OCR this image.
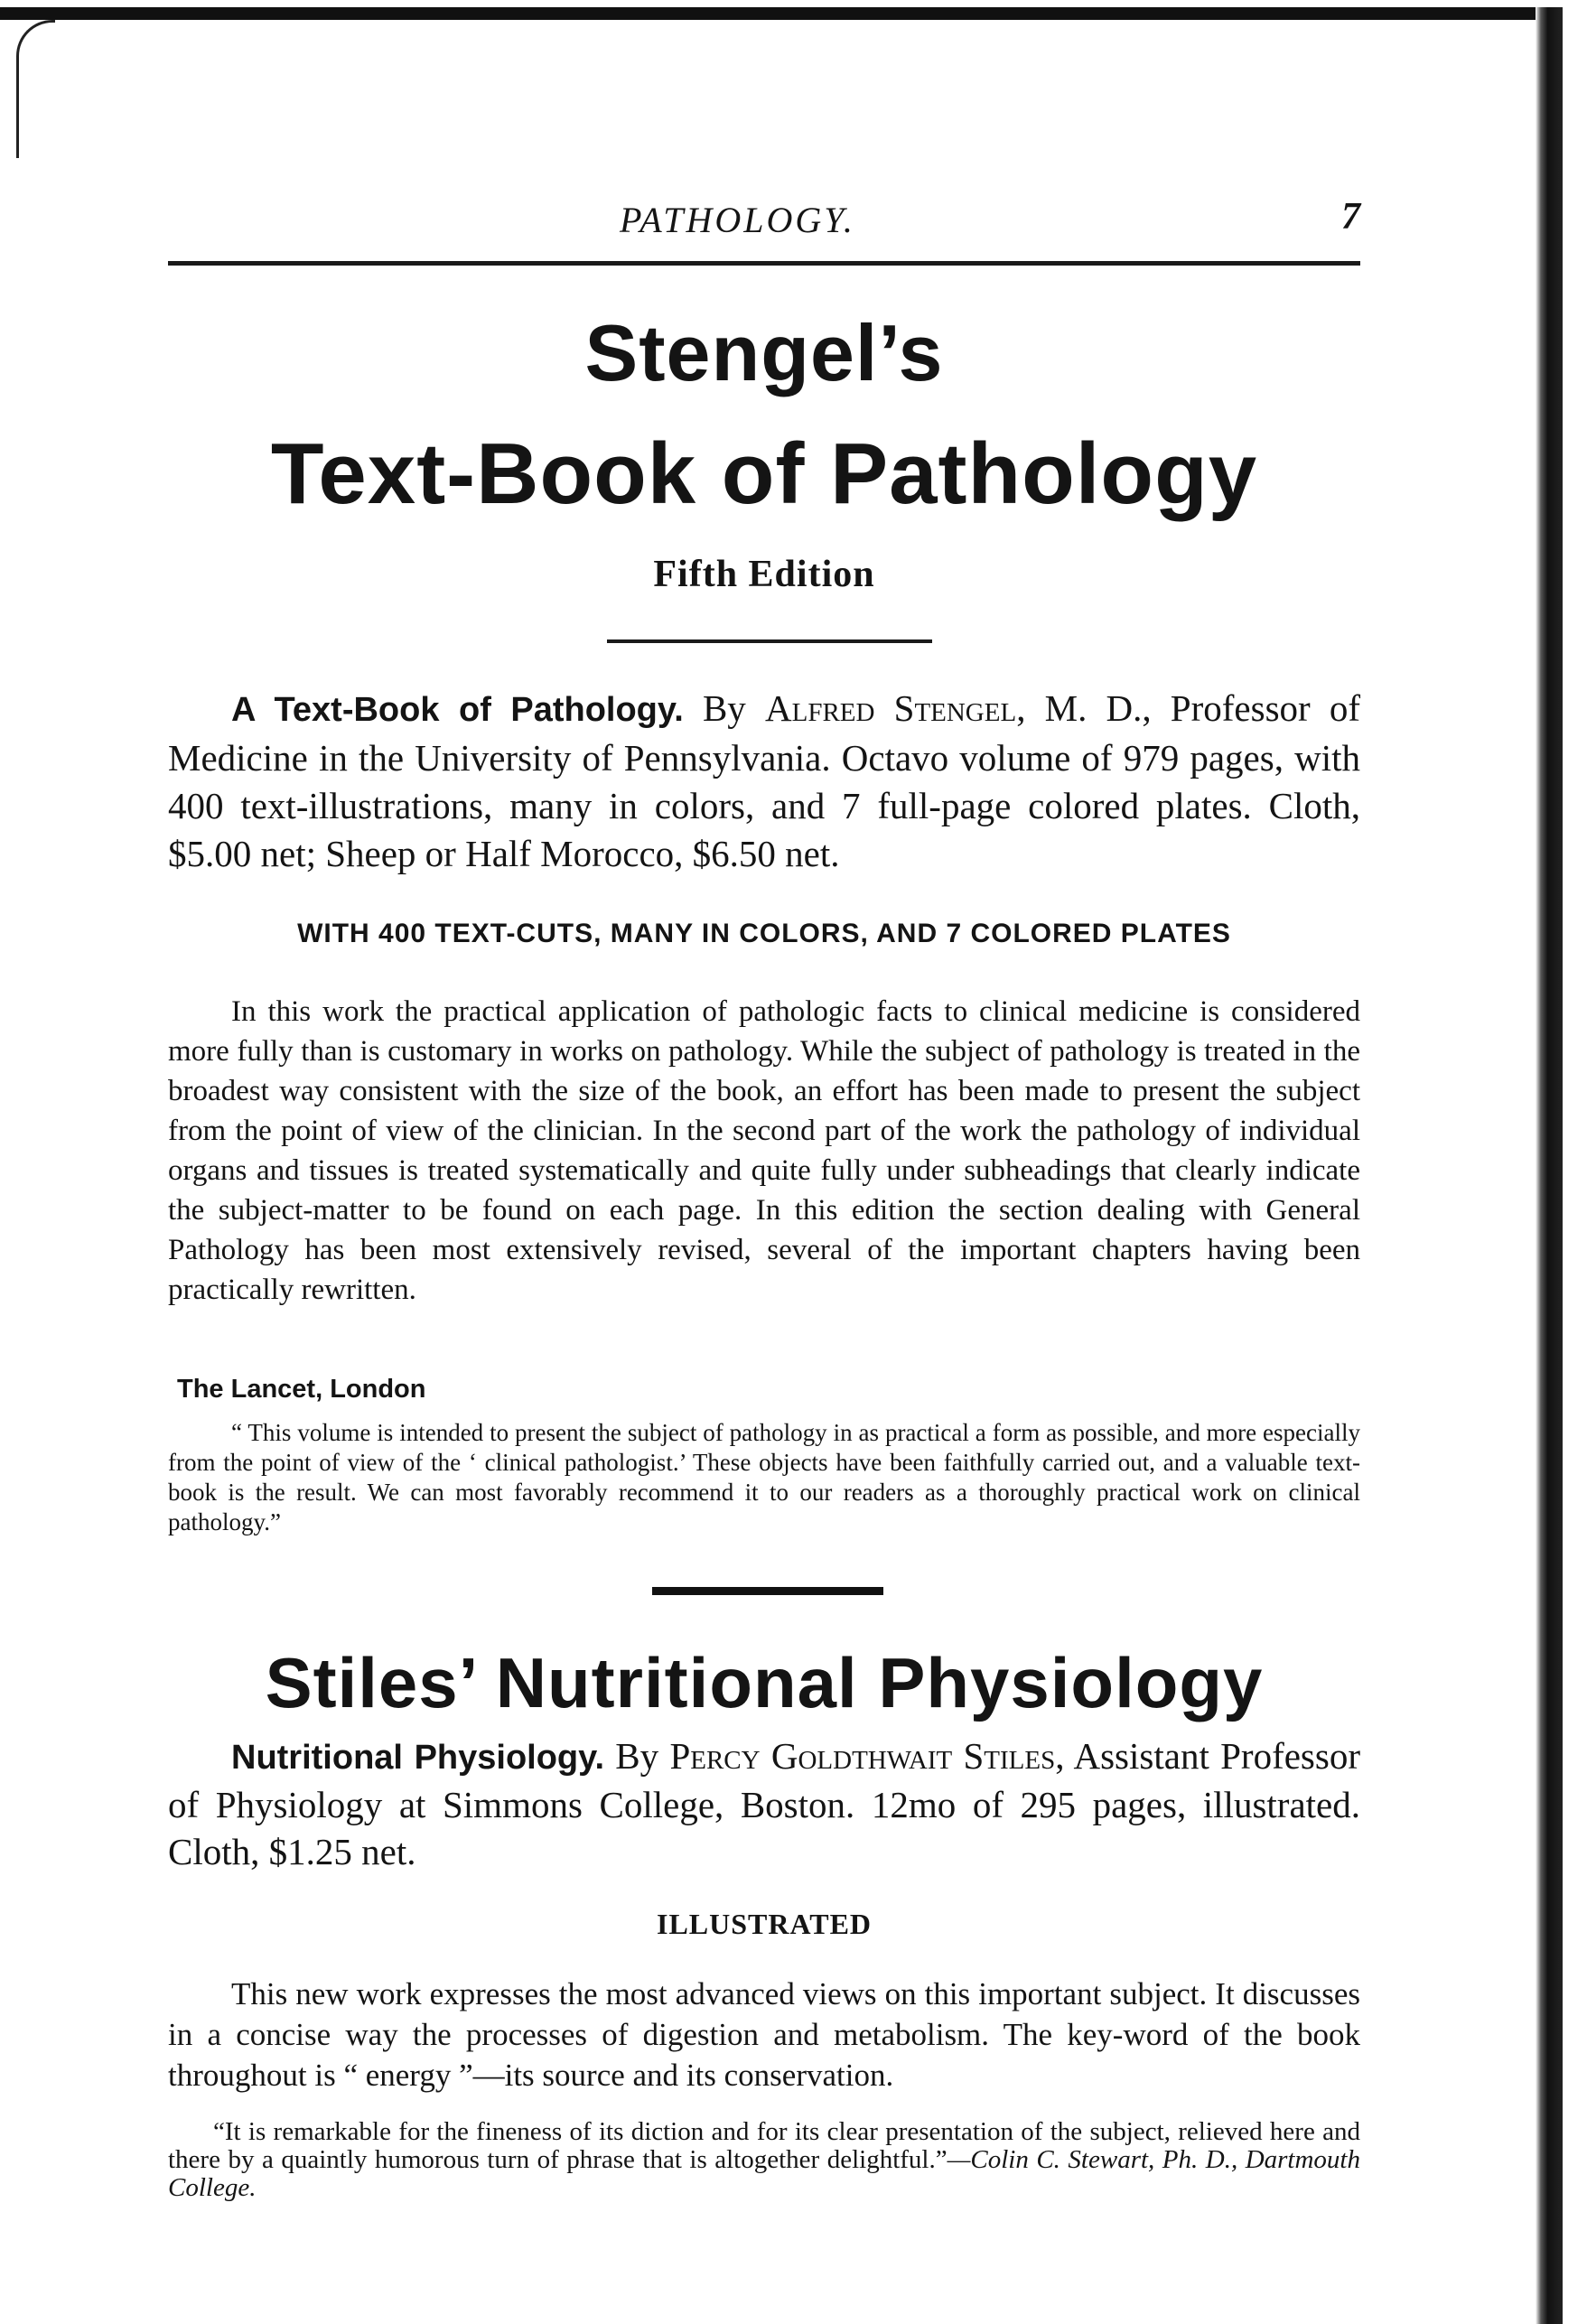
PATHOLOGY.	7
Stengel’s
Text-Book of Pathology
Fifth Edition
A Text-Book of Pathology. By Alfred Stengel, M. D., Professor of Medicine in the University of Pennsylvania. Octavo volume of 979 pages, with 400 text-illustrations, many in colors, and 7 full-page colored plates. Cloth, $5.00 net; Sheep or Half Morocco, $6.50 net.
WITH 400 TEXT-CUTS, MANY IN COLORS, AND 7 COLORED PLATES
In this work the practical application of pathologic facts to clinical medicine is considered more fully than is customary in works on pathology. While the subject of pathology is treated in the broadest way consistent with the size of the book, an effort has been made to present the subject from the point of view of the clinician. In the second part of the work the pathology of individual organs and tissues is treated systematically and quite fully under subheadings that clearly indicate the subject-matter to be found on each page. In this edition the section dealing with General Pathology has been most extensively revised, several of the important chapters having been practically rewritten.
The Lancet, London
“ This volume is intended to present the subject of pathology in as practical a form as possible, and more especially from the point of view of the ‘ clinical pathologist.’ These objects have been faithfully carried out, and a valuable text-book is the result. We can most favorably recommend it to our readers as a thoroughly practical work on clinical pathology.”
Stiles’ Nutritional Physiology
Nutritional Physiology. By Percy Goldthwait Stiles, Assistant Professor of Physiology at Simmons College, Boston. 12mo of 295 pages, illustrated. Cloth, $1.25 net.
ILLUSTRATED
This new work expresses the most advanced views on this important subject. It discusses in a concise way the processes of digestion and metabolism. The key-word of the book throughout is “ energy ”—its source and its conservation.
“It is remarkable for the fineness of its diction and for its clear presentation of the subject, relieved here and there by a quaintly humorous turn of phrase that is altogether delightful.”—Colin C. Stewart, Ph. D., Dartmouth College.
